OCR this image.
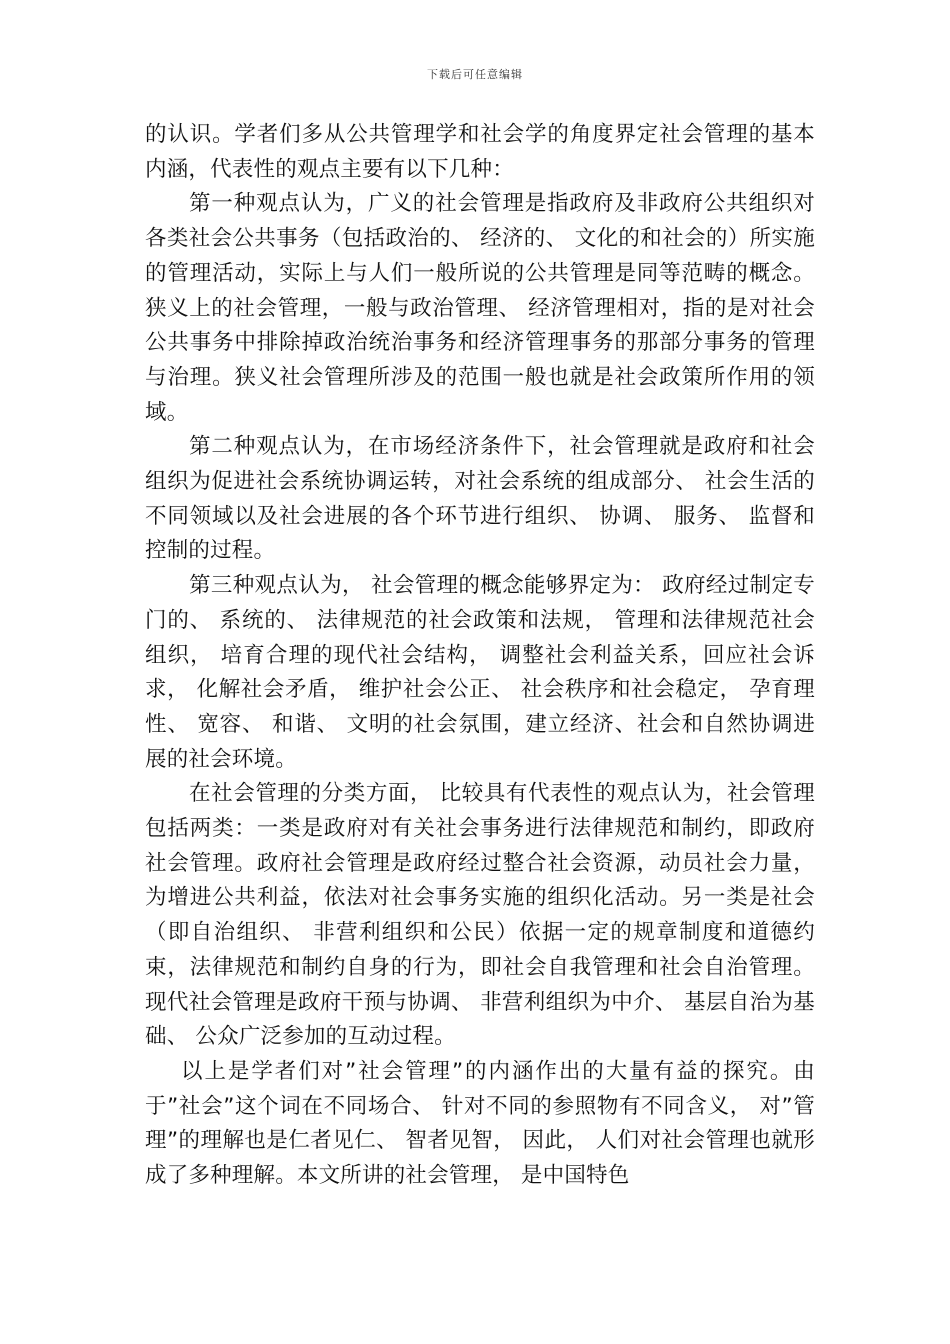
下载后可任意编辑

的认识。学者们多从公共管理学和社会学的角度界定社会管理的基本内涵，代表性的观点主要有以下几种：

第一种观点认为，广义的社会管理是指政府及非政府公共组织对各类社会公共事务（包括政治的、 经济的、 文化的和社会的）所实施的管理活动，实际上与人们一般所说的公共管理是同等范畴的概念。狭义上的社会管理，一般与政治管理、 经济管理相对，指的是对社会公共事务中排除掉政治统治事务和经济管理事务的那部分事务的管理与治理。狭义社会管理所涉及的范围一般也就是社会政策所作用的领域。

第二种观点认为，在市场经济条件下，社会管理就是政府和社会组织为促进社会系统协调运转，对社会系统的组成部分、 社会生活的不同领域以及社会进展的各个环节进行组织、 协调、 服务、 监督和控制的过程。

第三种观点认为， 社会管理的概念能够界定为： 政府经过制定专门的、 系统的、 法律规范的社会政策和法规， 管理和法律规范社会组织， 培育合理的现代社会结构， 调整社会利益关系，回应社会诉求， 化解社会矛盾， 维护社会公正、 社会秩序和社会稳定， 孕育理性、 宽容、 和谐、 文明的社会氛围，建立经济、社会和自然协调进展的社会环境。

在社会管理的分类方面， 比较具有代表性的观点认为，社会管理包括两类：一类是政府对有关社会事务进行法律规范和制约，即政府社会管理。政府社会管理是政府经过整合社会资源，动员社会力量，为增进公共利益，依法对社会事务实施的组织化活动。另一类是社会（即自治组织、 非营利组织和公民）依据一定的规章制度和道德约束，法律规范和制约自身的行为，即社会自我管理和社会自治管理。现代社会管理是政府干预与协调、 非营利组织为中介、 基层自治为基础、 公众广泛参加的互动过程。

以上是学者们对”社会管理”的内涵作出的大量有益的探究。由于”社会”这个词在不同场合、 针对不同的参照物有不同含义， 对”管理”的理解也是仁者见仁、 智者见智， 因此， 人们对社会管理也就形成了多种理解。本文所讲的社会管理， 是中国特色
